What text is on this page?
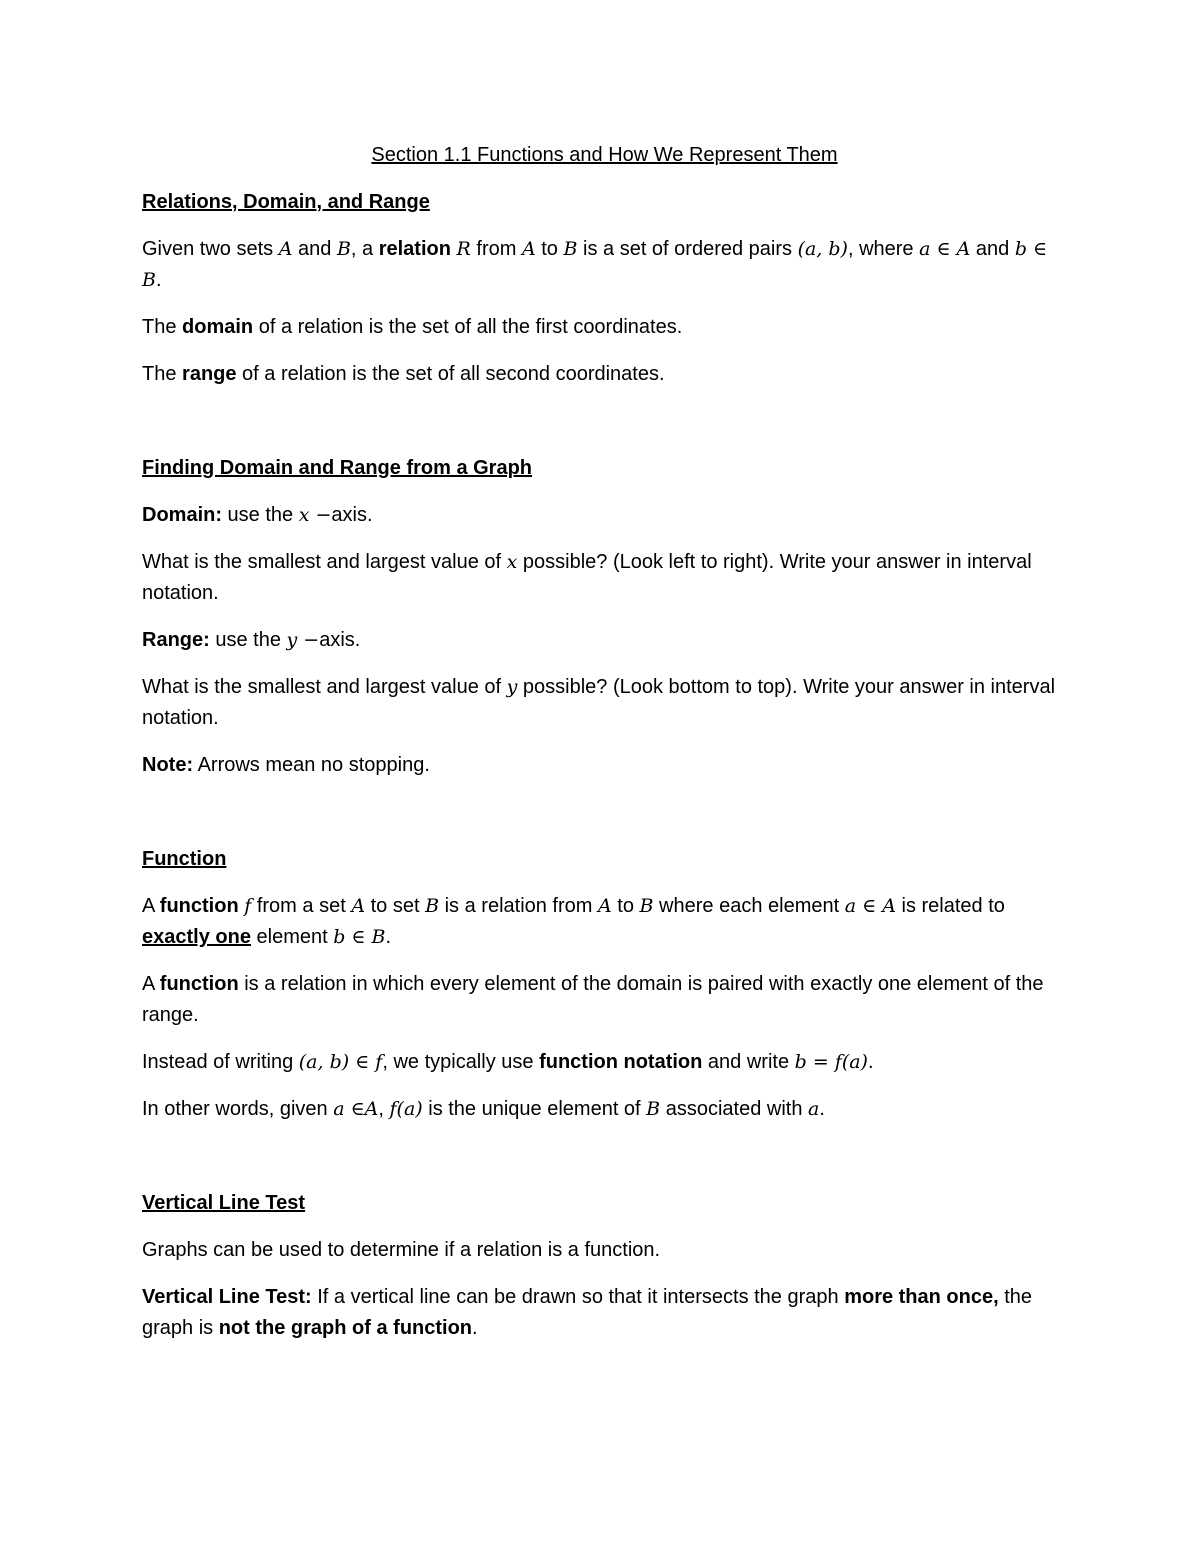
Section 1.1 Functions and How We Represent Them
Relations, Domain, and Range

Given two sets A and B, a relation R from A to B is a set of ordered pairs (a, b), where a ∈ A and b ∈ B.

The domain of a relation is the set of all the first coordinates.

The range of a relation is the set of all second coordinates.

Finding Domain and Range from a Graph

Domain: use the x −axis.

What is the smallest and largest value of x possible? (Look left to right). Write your answer in interval notation.

Range: use the y −axis.

What is the smallest and largest value of y possible? (Look bottom to top). Write your answer in interval notation.

Note: Arrows mean no stopping.

Function

A function f from a set A to set B is a relation from A to B where each element a ∈ A is related to exactly one element b ∈ B.

A function is a relation in which every element of the domain is paired with exactly one element of the range.

Instead of writing (a, b) ∈ f, we typically use function notation and write b = f(a).

In other words, given a ∈A, f(a) is the unique element of B associated with a.

Vertical Line Test

Graphs can be used to determine if a relation is a function.

Vertical Line Test: If a vertical line can be drawn so that it intersects the graph more than once, the graph is not the graph of a function.
